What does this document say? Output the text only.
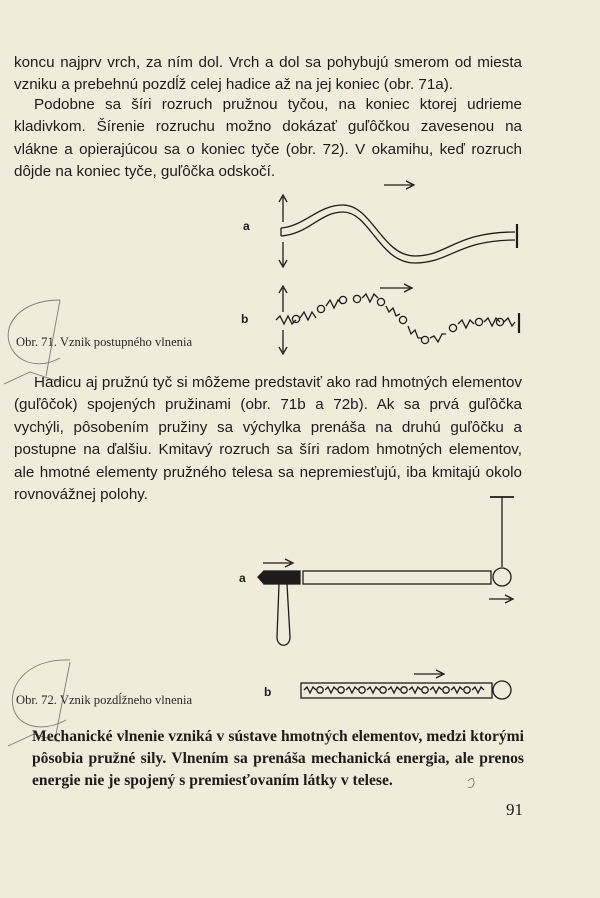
koncu najprv vrch, za ním dol. Vrch a dol sa pohybujú smerom od miesta vzniku a prebehnú pozdĺž celej hadice až na jej koniec (obr. 71a).

Podobne sa šíri rozruch pružnou tyčou, na koniec ktorej udrieme kladivkom. Šírenie rozruchu možno dokázať guľôčkou zavesenou na vlákne a opierajúcou sa o koniec tyče (obr. 72). V okamihu, keď rozruch dôjde na koniec tyče, guľôčka odskočí.

a
b
Obr. 71. Vznik postupného vlnenia

Hadicu aj pružnú tyč si môžeme predstaviť ako rad hmotných elementov (guľôčok) spojených pružinami (obr. 71b a 72b). Ak sa prvá guľôčka vychýli, pôsobením pružiny sa výchylka prenáša na druhú guľôčku a postupne na ďalšiu. Kmitavý rozruch sa šíri radom hmotných elementov, ale hmotné elementy pružného telesa sa nepremiesťujú, iba kmitajú okolo rovnovážnej polohy.

a
b
Obr. 72. Vznik pozdĺžneho vlnenia
Mechanické vlnenie vzniká v sústave hmotných elementov, medzi ktorými pôsobia pružné sily. Vlnením sa prenáša mechanická energia, ale prenos energie nie je spojený s premiesťovaním látky v telese.
91
